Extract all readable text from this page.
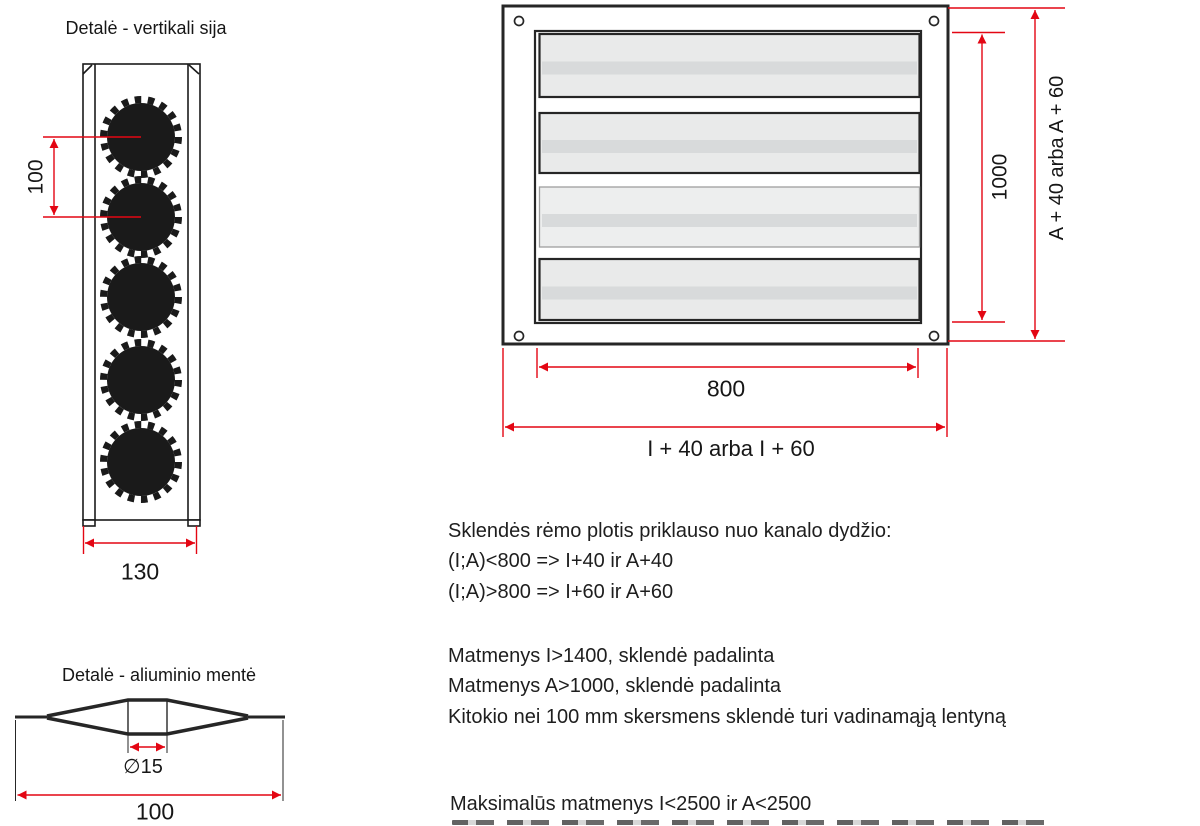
Detalė - vertikali sija
100
130
1000 A + 40 arba A + 60
800
I + 40 arba I + 60
Detalė - aliuminio mentė
∅15
100
Sklendės rėmo plotis priklauso nuo kanalo dydžio:
(I;A)<800 => I+40 ir A+40
(I;A)>800 => I+60 ir A+60
Matmenys I>1400, sklendė padalinta
Matmenys A>1000, sklendė padalinta
Kitokio nei 100 mm skersmens sklendė turi vadinamąją lentyną
Maksimalūs matmenys I<2500 ir A<2500
